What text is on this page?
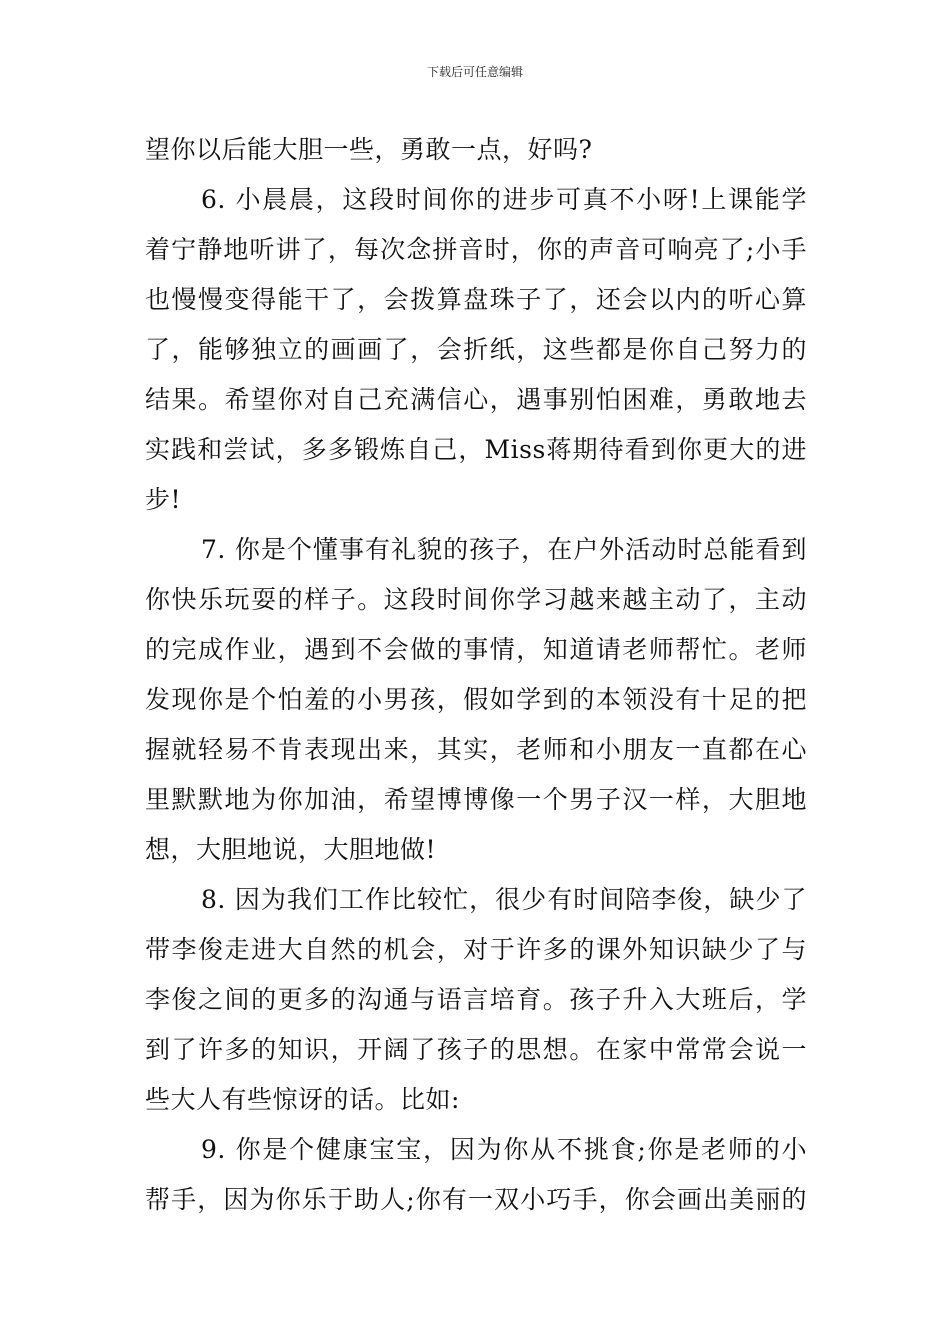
下载后可任意编辑
望你以后能大胆一些，勇敢一点，好吗?
6. 小晨晨，这段时间你的进步可真不小呀!上课能学
着宁静地听讲了，每次念拼音时，你的声音可响亮了;小手
也慢慢变得能干了，会拨算盘珠子了，还会以内的听心算
了，能够独立的画画了，会折纸，这些都是你自己努力的
结果。希望你对自己充满信心，遇事别怕困难，勇敢地去
实践和尝试，多多锻炼自己，Miss蒋期待看到你更大的进
步!
7. 你是个懂事有礼貌的孩子，在户外活动时总能看到
你快乐玩耍的样子。这段时间你学习越来越主动了，主动
的完成作业，遇到不会做的事情，知道请老师帮忙。老师
发现你是个怕羞的小男孩，假如学到的本领没有十足的把
握就轻易不肯表现出来，其实，老师和小朋友一直都在心
里默默地为你加油，希望博博像一个男子汉一样，大胆地
想，大胆地说，大胆地做!
8. 因为我们工作比较忙，很少有时间陪李俊，缺少了
带李俊走进大自然的机会，对于许多的课外知识缺少了与
李俊之间的更多的沟通与语言培育。孩子升入大班后，学
到了许多的知识，开阔了孩子的思想。在家中常常会说一
些大人有些惊讶的话。比如:
9. 你是个健康宝宝，因为你从不挑食;你是老师的小
帮手，因为你乐于助人;你有一双小巧手，你会画出美丽的
